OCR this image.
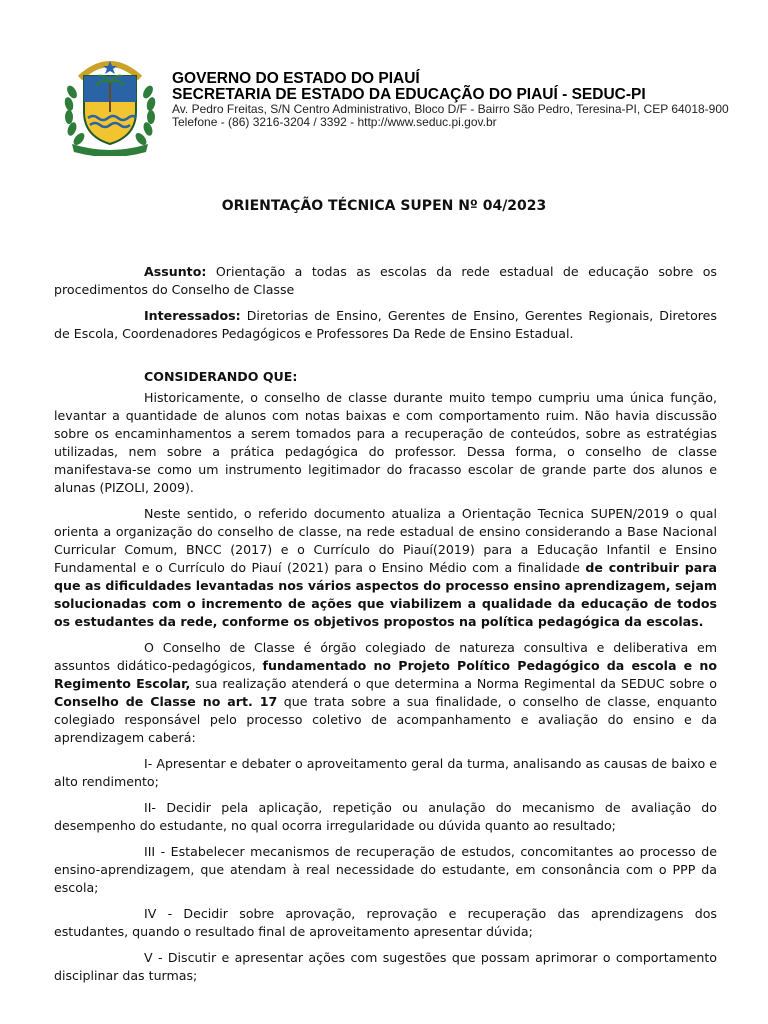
GOVERNO DO ESTADO DO PIAUÍ
SECRETARIA DE ESTADO DA EDUCAÇÃO DO PIAUÍ - SEDUC-PI
Av. Pedro Freitas, S/N Centro Administrativo, Bloco D/F - Bairro São Pedro, Teresina-PI, CEP 64018-900
Telefone - (86) 3216-3204 / 3392 - http://www.seduc.pi.gov.br
ORIENTAÇÃO TÉCNICA SUPEN Nº 04/2023

Assunto: Orientação a todas as escolas da rede estadual de educação sobre os procedimentos do Conselho de Classe

Interessados: Diretorias de Ensino, Gerentes de Ensino, Gerentes Regionais, Diretores de Escola, Coordenadores Pedagógicos e Professores Da Rede de Ensino Estadual.

CONSIDERANDO QUE:

Historicamente, o conselho de classe durante muito tempo cumpriu uma única função, levantar a quantidade de alunos com notas baixas e com comportamento ruim. Não havia discussão sobre os encaminhamentos a serem tomados para a recuperação de conteúdos, sobre as estratégias utilizadas, nem sobre a prática pedagógica do professor. Dessa forma, o conselho de classe manifestava-se como um instrumento legitimador do fracasso escolar de grande parte dos alunos e alunas (PIZOLI, 2009).

Neste sentido, o referido documento atualiza a Orientação Tecnica SUPEN/2019 o qual orienta a organização do conselho de classe, na rede estadual de ensino considerando a Base Nacional Curricular Comum, BNCC (2017) e o Currículo do Piauí(2019) para a Educação Infantil e Ensino Fundamental e o Currículo do Piauí (2021) para o Ensino Médio com a finalidade de contribuir para que as dificuldades levantadas nos vários aspectos do processo ensino aprendizagem, sejam solucionadas com o incremento de ações que viabilizem a qualidade da educação de todos os estudantes da rede, conforme os objetivos propostos na política pedagógica da escolas.

O Conselho de Classe é órgão colegiado de natureza consultiva e deliberativa em assuntos didático-pedagógicos, fundamentado no Projeto Político Pedagógico da escola e no Regimento Escolar, sua realização atenderá o que determina a Norma Regimental da SEDUC sobre o Conselho de Classe no art. 17 que trata sobre a sua finalidade, o conselho de classe, enquanto colegiado responsável pelo processo coletivo de acompanhamento e avaliação do ensino e da aprendizagem caberá:

I- Apresentar e debater o aproveitamento geral da turma, analisando as causas de baixo e alto rendimento;

II- Decidir pela aplicação, repetição ou anulação do mecanismo de avaliação do desempenho do estudante, no qual ocorra irregularidade ou dúvida quanto ao resultado;

III - Estabelecer mecanismos de recuperação de estudos, concomitantes ao processo de ensino-aprendizagem, que atendam à real necessidade do estudante, em consonância com o PPP da escola;

IV - Decidir sobre aprovação, reprovação e recuperação das aprendizagens dos estudantes, quando o resultado final de aproveitamento apresentar dúvida;

V - Discutir e apresentar ações com sugestões que possam aprimorar o comportamento disciplinar das turmas;
